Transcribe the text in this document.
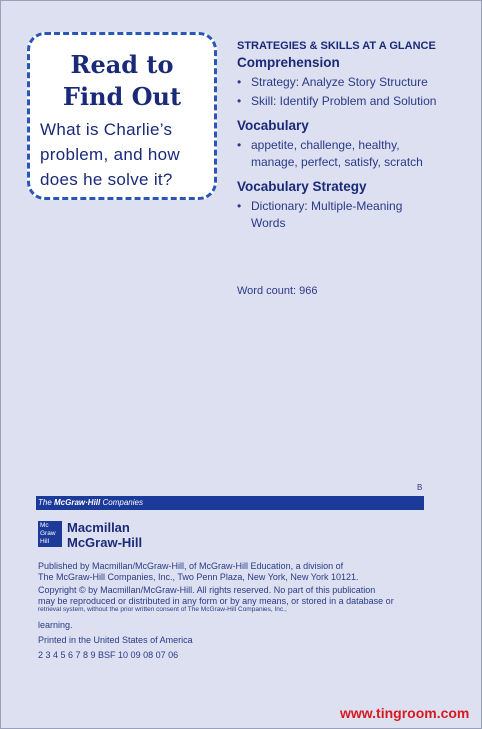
Read to
Find Out
What is Charlie’s
problem, and how
does he solve it?
STRATEGIES & SKILLS AT A GLANCE
Comprehension
• Strategy: Analyze Story Structure
• Skill: Identify Problem and Solution
Vocabulary
• appetite, challenge, healthy,
manage, perfect, satisfy, scratch
Vocabulary Strategy
• Dictionary: Multiple-Meaning
Words
Word count: 966
B
The McGraw·Hill Companies
Mc
Graw
Hill
Macmillan
McGraw-Hill
Published by Macmillan/McGraw-Hill, of McGraw-Hill Education, a division of
The McGraw-Hill Companies, Inc., Two Penn Plaza, New York, New York 10121.
Copyright © by Macmillan/McGraw-Hill. All rights reserved. No part of this publication
may be reproduced or distributed in any form or by any means, or stored in a database or
retrieval system, without the prior written consent of The McGraw-Hill Companies, Inc.,
learning.
Printed in the United States of America
2 3 4 5 6 7 8 9 BSF 10 09 08 07 06
www.tingroom.com
